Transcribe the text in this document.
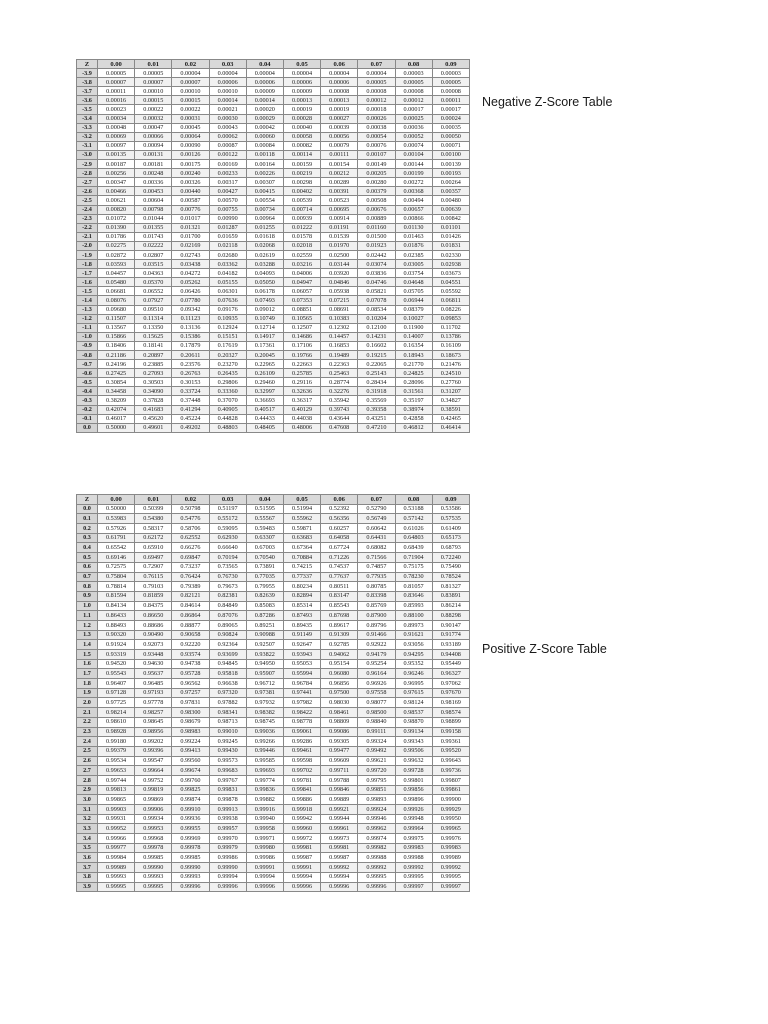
Z	0.00	0.01	0.02	0.03	0.04	0.05	0.06	0.07	0.08	0.09
-3.9	0.00005	0.00005	0.00004	0.00004	0.00004	0.00004	0.00004	0.00004	0.00003	0.00003
-3.8	0.00007	0.00007	0.00007	0.00006	0.00006	0.00006	0.00006	0.00005	0.00005	0.00005
-3.7	0.00011	0.00010	0.00010	0.00010	0.00009	0.00009	0.00008	0.00008	0.00008	0.00008
-3.6	0.00016	0.00015	0.00015	0.00014	0.00014	0.00013	0.00013	0.00012	0.00012	0.00011
-3.5	0.00023	0.00022	0.00022	0.00021	0.00020	0.00019	0.00019	0.00018	0.00017	0.00017
-3.4	0.00034	0.00032	0.00031	0.00030	0.00029	0.00028	0.00027	0.00026	0.00025	0.00024
-3.3	0.00048	0.00047	0.00045	0.00043	0.00042	0.00040	0.00039	0.00038	0.00036	0.00035
-3.2	0.00069	0.00066	0.00064	0.00062	0.00060	0.00058	0.00056	0.00054	0.00052	0.00050
-3.1	0.00097	0.00094	0.00090	0.00087	0.00084	0.00082	0.00079	0.00076	0.00074	0.00071
-3.0	0.00135	0.00131	0.00126	0.00122	0.00118	0.00114	0.00111	0.00107	0.00104	0.00100
-2.9	0.00187	0.00181	0.00175	0.00169	0.00164	0.00159	0.00154	0.00149	0.00144	0.00139
-2.8	0.00256	0.00248	0.00240	0.00233	0.00226	0.00219	0.00212	0.00205	0.00199	0.00193
-2.7	0.00347	0.00336	0.00326	0.00317	0.00307	0.00298	0.00289	0.00280	0.00272	0.00264
-2.6	0.00466	0.00453	0.00440	0.00427	0.00415	0.00402	0.00391	0.00379	0.00368	0.00357
-2.5	0.00621	0.00604	0.00587	0.00570	0.00554	0.00539	0.00523	0.00508	0.00494	0.00480
-2.4	0.00820	0.00798	0.00776	0.00755	0.00734	0.00714	0.00695	0.00676	0.00657	0.00639
-2.3	0.01072	0.01044	0.01017	0.00990	0.00964	0.00939	0.00914	0.00889	0.00866	0.00842
-2.2	0.01390	0.01355	0.01321	0.01287	0.01255	0.01222	0.01191	0.01160	0.01130	0.01101
-2.1	0.01786	0.01743	0.01700	0.01659	0.01618	0.01578	0.01539	0.01500	0.01463	0.01426
-2.0	0.02275	0.02222	0.02169	0.02118	0.02068	0.02018	0.01970	0.01923	0.01876	0.01831
-1.9	0.02872	0.02807	0.02743	0.02680	0.02619	0.02559	0.02500	0.02442	0.02385	0.02330
-1.8	0.03593	0.03515	0.03438	0.03362	0.03288	0.03216	0.03144	0.03074	0.03005	0.02938
-1.7	0.04457	0.04363	0.04272	0.04182	0.04093	0.04006	0.03920	0.03836	0.03754	0.03673
-1.6	0.05480	0.05370	0.05262	0.05155	0.05050	0.04947	0.04846	0.04746	0.04648	0.04551
-1.5	0.06681	0.06552	0.06426	0.06301	0.06178	0.06057	0.05938	0.05821	0.05705	0.05592
-1.4	0.08076	0.07927	0.07780	0.07636	0.07493	0.07353	0.07215	0.07078	0.06944	0.06811
-1.3	0.09680	0.09510	0.09342	0.09176	0.09012	0.08851	0.08691	0.08534	0.08379	0.08226
-1.2	0.11507	0.11314	0.11123	0.10935	0.10749	0.10565	0.10383	0.10204	0.10027	0.09853
-1.1	0.13567	0.13350	0.13136	0.12924	0.12714	0.12507	0.12302	0.12100	0.11900	0.11702
-1.0	0.15866	0.15625	0.15386	0.15151	0.14917	0.14686	0.14457	0.14231	0.14007	0.13786
-0.9	0.18406	0.18141	0.17879	0.17619	0.17361	0.17106	0.16853	0.16602	0.16354	0.16109
-0.8	0.21186	0.20897	0.20611	0.20327	0.20045	0.19766	0.19489	0.19215	0.18943	0.18673
-0.7	0.24196	0.23885	0.23576	0.23270	0.22965	0.22663	0.22363	0.22065	0.21770	0.21476
-0.6	0.27425	0.27093	0.26763	0.26435	0.26109	0.25785	0.25463	0.25143	0.24825	0.24510
-0.5	0.30854	0.30503	0.30153	0.29806	0.29460	0.29116	0.28774	0.28434	0.28096	0.27760
-0.4	0.34458	0.34090	0.33724	0.33360	0.32997	0.32636	0.32276	0.31918	0.31561	0.31207
-0.3	0.38209	0.37828	0.37448	0.37070	0.36693	0.36317	0.35942	0.35569	0.35197	0.34827
-0.2	0.42074	0.41683	0.41294	0.40905	0.40517	0.40129	0.39743	0.39358	0.38974	0.38591
-0.1	0.46017	0.45620	0.45224	0.44828	0.44433	0.44038	0.43644	0.43251	0.42858	0.42465
0.0	0.50000	0.49601	0.49202	0.48803	0.48405	0.48006	0.47608	0.47210	0.46812	0.46414
Negative Z-Score Table
Z	0.00	0.01	0.02	0.03	0.04	0.05	0.06	0.07	0.08	0.09
0.0	0.50000	0.50399	0.50798	0.51197	0.51595	0.51994	0.52392	0.52790	0.53188	0.53586
0.1	0.53983	0.54380	0.54776	0.55172	0.55567	0.55962	0.56356	0.56749	0.57142	0.57535
0.2	0.57926	0.58317	0.58706	0.59095	0.59483	0.59871	0.60257	0.60642	0.61026	0.61409
0.3	0.61791	0.62172	0.62552	0.62930	0.63307	0.63683	0.64058	0.64431	0.64803	0.65173
0.4	0.65542	0.65910	0.66276	0.66640	0.67003	0.67364	0.67724	0.68082	0.68439	0.68793
0.5	0.69146	0.69497	0.69847	0.70194	0.70540	0.70884	0.71226	0.71566	0.71904	0.72240
0.6	0.72575	0.72907	0.73237	0.73565	0.73891	0.74215	0.74537	0.74857	0.75175	0.75490
0.7	0.75804	0.76115	0.76424	0.76730	0.77035	0.77337	0.77637	0.77935	0.78230	0.78524
0.8	0.78814	0.79103	0.79389	0.79673	0.79955	0.80234	0.80511	0.80785	0.81057	0.81327
0.9	0.81594	0.81859	0.82121	0.82381	0.82639	0.82894	0.83147	0.83398	0.83646	0.83891
1.0	0.84134	0.84375	0.84614	0.84849	0.85083	0.85314	0.85543	0.85769	0.85993	0.86214
1.1	0.86433	0.86650	0.86864	0.87076	0.87286	0.87493	0.87698	0.87900	0.88100	0.88298
1.2	0.88493	0.88686	0.88877	0.89065	0.89251	0.89435	0.89617	0.89796	0.89973	0.90147
1.3	0.90320	0.90490	0.90658	0.90824	0.90988	0.91149	0.91309	0.91466	0.91621	0.91774
1.4	0.91924	0.92073	0.92220	0.92364	0.92507	0.92647	0.92785	0.92922	0.93056	0.93189
1.5	0.93319	0.93448	0.93574	0.93699	0.93822	0.93943	0.94062	0.94179	0.94295	0.94408
1.6	0.94520	0.94630	0.94738	0.94845	0.94950	0.95053	0.95154	0.95254	0.95352	0.95449
1.7	0.95543	0.95637	0.95728	0.95818	0.95907	0.95994	0.96080	0.96164	0.96246	0.96327
1.8	0.96407	0.96485	0.96562	0.96638	0.96712	0.96784	0.96856	0.96926	0.96995	0.97062
1.9	0.97128	0.97193	0.97257	0.97320	0.97381	0.97441	0.97500	0.97558	0.97615	0.97670
2.0	0.97725	0.97778	0.97831	0.97882	0.97932	0.97982	0.98030	0.98077	0.98124	0.98169
2.1	0.98214	0.98257	0.98300	0.98341	0.98382	0.98422	0.98461	0.98500	0.98537	0.98574
2.2	0.98610	0.98645	0.98679	0.98713	0.98745	0.98778	0.98809	0.98840	0.98870	0.98899
2.3	0.98928	0.98956	0.98983	0.99010	0.99036	0.99061	0.99086	0.99111	0.99134	0.99158
2.4	0.99180	0.99202	0.99224	0.99245	0.99266	0.99286	0.99305	0.99324	0.99343	0.99361
2.5	0.99379	0.99396	0.99413	0.99430	0.99446	0.99461	0.99477	0.99492	0.99506	0.99520
2.6	0.99534	0.99547	0.99560	0.99573	0.99585	0.99598	0.99609	0.99621	0.99632	0.99643
2.7	0.99653	0.99664	0.99674	0.99683	0.99693	0.99702	0.99711	0.99720	0.99728	0.99736
2.8	0.99744	0.99752	0.99760	0.99767	0.99774	0.99781	0.99788	0.99795	0.99801	0.99807
2.9	0.99813	0.99819	0.99825	0.99831	0.99836	0.99841	0.99846	0.99851	0.99856	0.99861
3.0	0.99865	0.99869	0.99874	0.99878	0.99882	0.99886	0.99889	0.99893	0.99896	0.99900
3.1	0.99903	0.99906	0.99910	0.99913	0.99916	0.99918	0.99921	0.99924	0.99926	0.99929
3.2	0.99931	0.99934	0.99936	0.99938	0.99940	0.99942	0.99944	0.99946	0.99948	0.99950
3.3	0.99952	0.99953	0.99955	0.99957	0.99958	0.99960	0.99961	0.99962	0.99964	0.99965
3.4	0.99966	0.99968	0.99969	0.99970	0.99971	0.99972	0.99973	0.99974	0.99975	0.99976
3.5	0.99977	0.99978	0.99978	0.99979	0.99980	0.99981	0.99981	0.99982	0.99983	0.99983
3.6	0.99984	0.99985	0.99985	0.99986	0.99986	0.99987	0.99987	0.99988	0.99988	0.99989
3.7	0.99989	0.99990	0.99990	0.99990	0.99991	0.99991	0.99992	0.99992	0.99992	0.99992
3.8	0.99993	0.99993	0.99993	0.99994	0.99994	0.99994	0.99994	0.99995	0.99995	0.99995
3.9	0.99995	0.99995	0.99996	0.99996	0.99996	0.99996	0.99996	0.99996	0.99997	0.99997
Positive Z-Score Table
